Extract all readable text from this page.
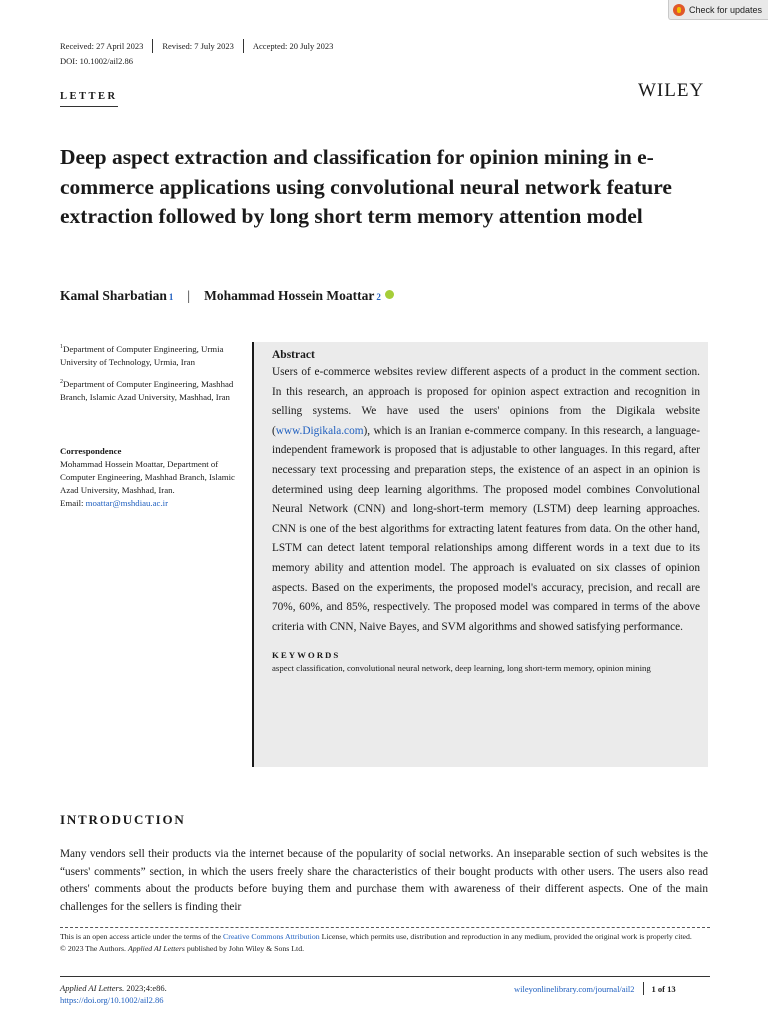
Check for updates
Received: 27 April 2023	Revised: 7 July 2023	Accepted: 20 July 2023
DOI: 10.1002/ail2.86
LETTER	WILEY
Deep aspect extraction and classification for opinion mining in e-commerce applications using convolutional neural network feature extraction followed by long short term memory attention model
Kamal Sharbatian 1 | Mohammad Hossein Moattar 2

$^1$Department of Computer Engineering, Urmia University of Technology, Urmia, Iran

$^2$Department of Computer Engineering, Mashhad Branch, Islamic Azad University, Mashhad, Iran

Correspondence
Mohammad Hossein Moattar, Department of Computer Engineering, Mashhad Branch, Islamic Azad University, Mashhad, Iran.
Email: moattar@mshdiau.ac.ir

Abstract

Users of e-commerce websites review different aspects of a product in the comment section. In this research, an approach is proposed for opinion aspect extraction and recognition in selling systems. We have used the users' opinions from the Digikala website (www.Digikala.com), which is an Iranian e-commerce company. In this research, a language-independent framework is proposed that is adjustable to other languages. In this regard, after necessary text processing and preparation steps, the existence of an aspect in an opinion is determined using deep learning algorithms. The proposed model combines Convolutional Neural Network (CNN) and long-short-term memory (LSTM) deep learning approaches. CNN is one of the best algorithms for extracting latent features from data. On the other hand, LSTM can detect latent temporal relationships among different words in a text due to its memory ability and attention model. The approach is evaluated on six classes of opinion aspects. Based on the experiments, the proposed model's accuracy, precision, and recall are 70%, 60%, and 85%, respectively. The proposed model was compared in terms of the above criteria with CNN, Naive Bayes, and SVM algorithms and showed satisfying performance.

KEYWORDS

aspect classification, convolutional neural network, deep learning, long short-term memory, opinion mining

INTRODUCTION

Many vendors sell their products via the internet because of the popularity of social networks. An inseparable section of such websites is the “users' comments” section, in which the users freely share the characteristics of their bought products with other users. The users also read others' comments about the products before buying them and purchase them with awareness of their different aspects. One of the main challenges for the sellers is finding their

This is an open access article under the terms of the Creative Commons Attribution License, which permits use, distribution and reproduction in any medium, provided the original work is properly cited.

© 2023 The Authors. Applied AI Letters published by John Wiley & Sons Ltd.

Applied AI Letters. 2023;4:e86.
https://doi.org/10.1002/ail2.86
wileyonlinelibrary.com/journal/ail2 1 of 13
